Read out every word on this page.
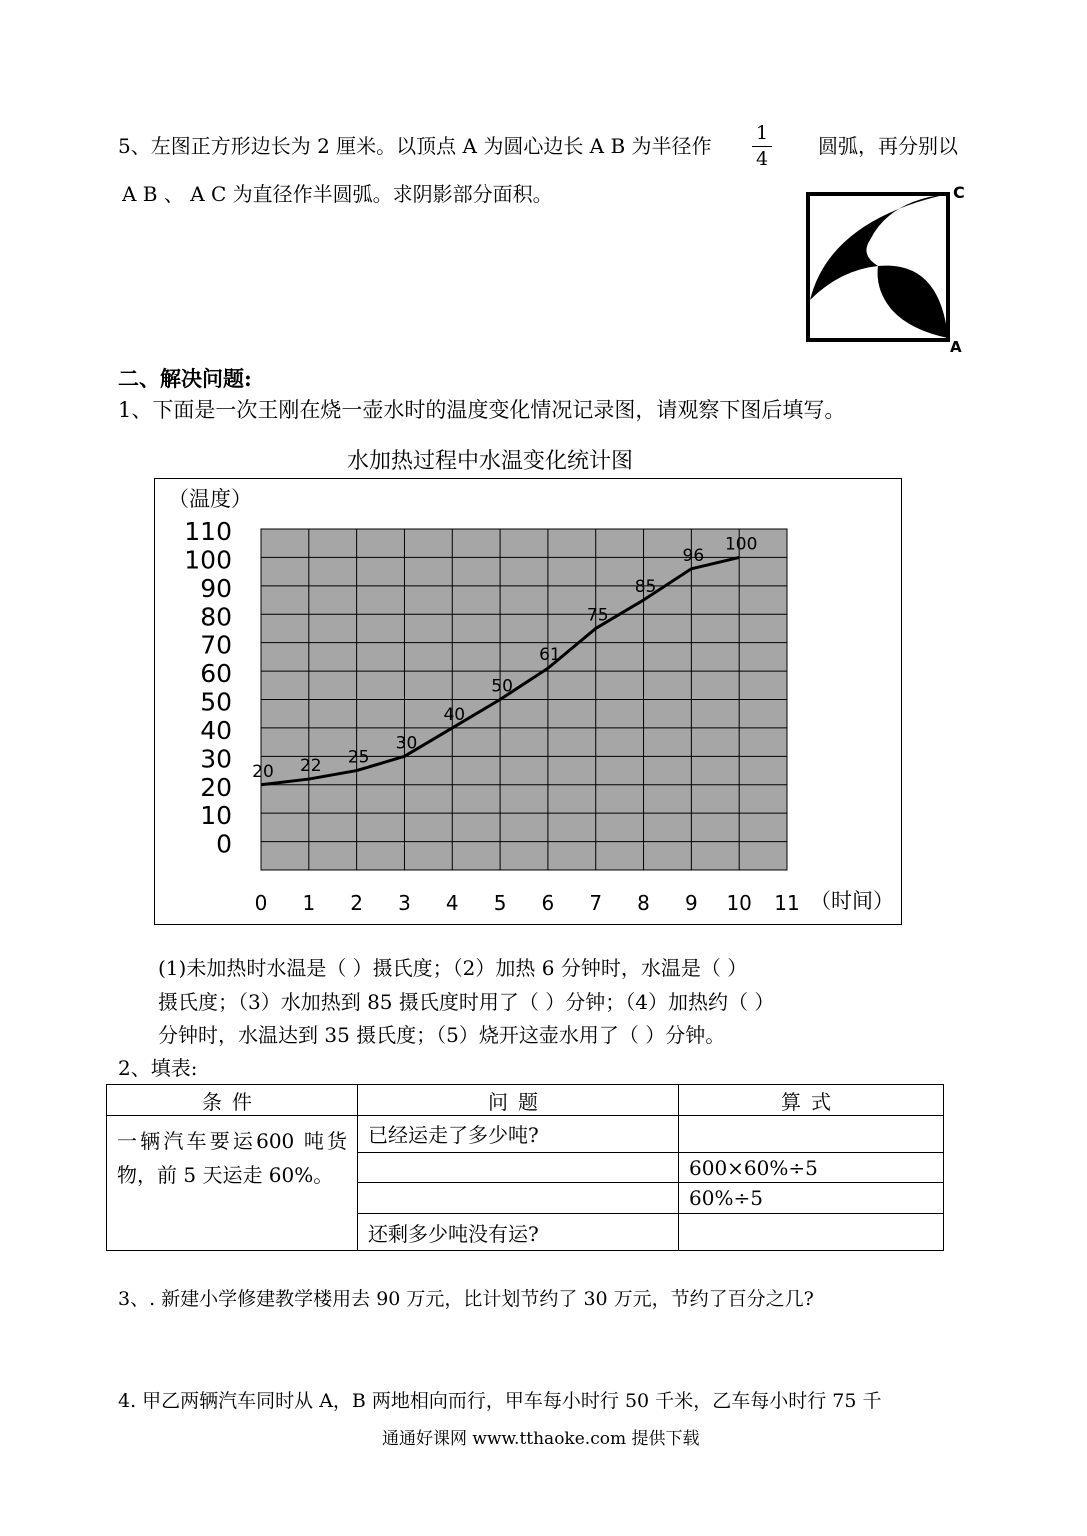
5、左图正方形边长为 2 厘米。以顶点 A 为圆心边长 A B 为半径作
1
4
圆弧，再分别以
A B 、 A C 为直径作半圆弧。求阴影部分面积。	C
A
二、解决问题:
1、下面是一次王刚在烧一壶水时的温度变化情况记录图，请观察下图后填写。
水加热过程中水温变化统计图
0
10
20
30
40
50
60
70
80
90
100
110
0 1 2 3 4 5 6 7 8 9 10 11
（温度）
（时间）
20 22 25
30
40
50
61
75
85
96
100
(1)未加热时水温是（ ）摄氏度；（2）加热 6 分钟时，水温是（ ）
摄氏度；（3）水加热到 85 摄氏度时用了（ ）分钟；（4）加热约（ ）
分钟时，水温达到 35 摄氏度；（5）烧开这壶水用了（ ）分钟。
2、填表:
条件	问题	算式
一辆汽车要运600 吨货物，前 5 天运走 60%。	已经运走了多少吨?	
		600×60%÷5
		60%÷5
	还剩多少吨没有运?	
3、. 新建小学修建教学楼用去 90 万元，比计划节约了 30 万元，节约了百分之几?
4. 甲乙两辆汽车同时从 A，B 两地相向而行，甲车每小时行 50 千米，乙车每小时行 75 千
通通好课网 www.tthaoke.com 提供下载
